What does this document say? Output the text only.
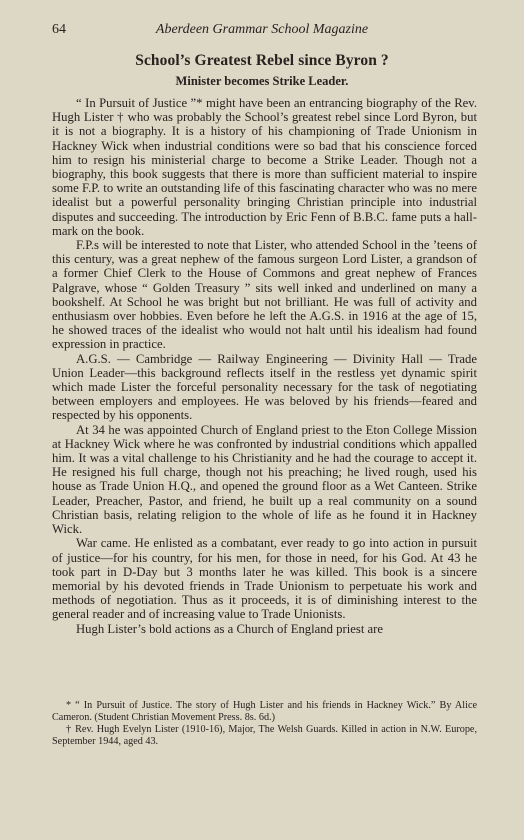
64	Aberdeen Grammar School Magazine
School’s Greatest Rebel since Byron ?
Minister becomes Strike Leader.

“ In Pursuit of Justice ”* might have been an entrancing biography of the Rev. Hugh Lister † who was probably the School’s greatest rebel since Lord Byron, but it is not a biography. It is a history of his championing of Trade Unionism in Hackney Wick when industrial conditions were so bad that his conscience forced him to resign his ministerial charge to become a Strike Leader. Though not a biography, this book suggests that there is more than sufficient material to inspire some F.P. to write an outstanding life of this fascinating character who was no mere idealist but a powerful personality bringing Christian principle into industrial disputes and succeeding. The introduction by Eric Fenn of B.B.C. fame puts a hall-mark on the book.

F.P.s will be interested to note that Lister, who attended School in the ’teens of this century, was a great nephew of the famous surgeon Lord Lister, a grandson of a former Chief Clerk to the House of Commons and great nephew of Frances Palgrave, whose “ Golden Treasury ” sits well inked and underlined on many a bookshelf. At School he was bright but not brilliant. He was full of activity and enthusiasm over hobbies. Even before he left the A.G.S. in 1916 at the age of 15, he showed traces of the idealist who would not halt until his idealism had found expression in practice.

A.G.S. — Cambridge — Railway Engineering — Divinity Hall — Trade Union Leader—this background reflects itself in the restless yet dynamic spirit which made Lister the forceful personality necessary for the task of negotiating between employers and employees. He was beloved by his friends—feared and respected by his opponents.

At 34 he was appointed Church of England priest to the Eton College Mission at Hackney Wick where he was confronted by industrial conditions which appalled him. It was a vital challenge to his Christianity and he had the courage to accept it. He resigned his full charge, though not his preaching; he lived rough, used his house as Trade Union H.Q., and opened the ground floor as a Wet Canteen. Strike Leader, Preacher, Pastor, and friend, he built up a real community on a sound Christian basis, relating religion to the whole of life as he found it in Hackney Wick.

War came. He enlisted as a combatant, ever ready to go into action in pursuit of justice—for his country, for his men, for those in need, for his God. At 43 he took part in D-Day but 3 months later he was killed. This book is a sincere memorial by his devoted friends in Trade Unionism to perpetuate his work and methods of negotiation. Thus as it proceeds, it is of diminishing interest to the general reader and of increasing value to Trade Unionists.

Hugh Lister’s bold actions as a Church of England priest are

* “ In Pursuit of Justice. The story of Hugh Lister and his friends in Hackney Wick.” By Alice Cameron. (Student Christian Movement Press. 8s. 6d.)

† Rev. Hugh Evelyn Lister (1910-16), Major, The Welsh Guards. Killed in action in N.W. Europe, September 1944, aged 43.
